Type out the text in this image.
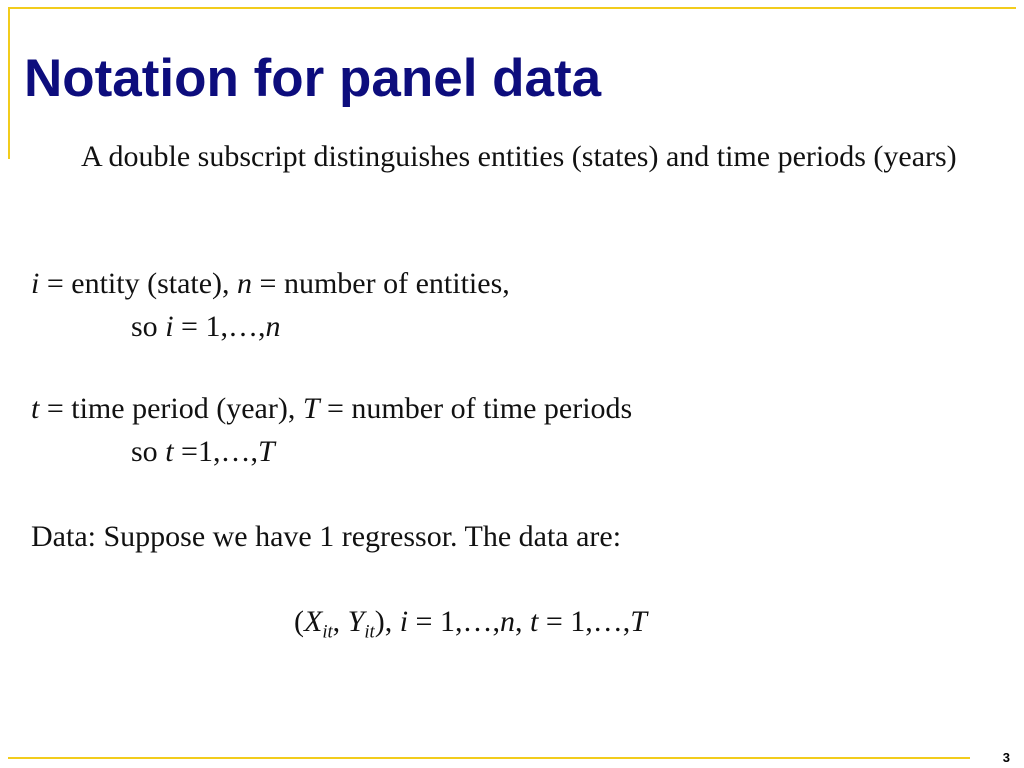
Notation for panel data

A double subscript distinguishes entities (states) and time periods (years)

i = entity (state), n = number of entities,

so i = 1,…,n

t = time period (year), T = number of time periods

so t =1,…,T

Data: Suppose we have 1 regressor. The data are:

($X_{it}$, $Y_{it}$), i = 1,…,n, t = 1,…,T

3
